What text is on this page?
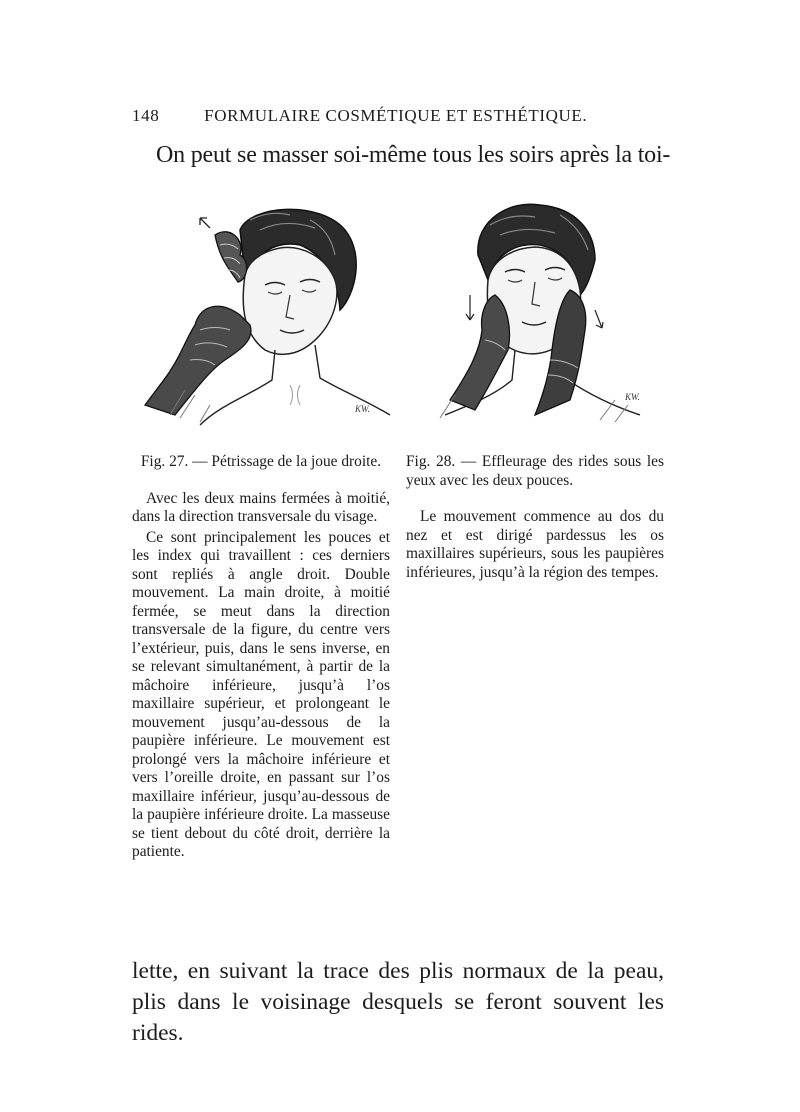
148	FORMULAIRE COSMÉTIQUE ET ESTHÉTIQUE.
On peut se masser soi-même tous les soirs après la toi-
KW.
KW.

Fig. 27. — Pétrissage de la joue droite.

Avec les deux mains fermées à moitié, dans la direction transversale du visage.

Ce sont principalement les pouces et les index qui travaillent : ces derniers sont repliés à angle droit. Double mouvement. La main droite, à moitié fermée, se meut dans la direction transversale de la figure, du centre vers l’extérieur, puis, dans le sens inverse, en se relevant simultanément, à partir de la mâchoire inférieure, jusqu’à l’os maxillaire supérieur, et prolongeant le mouvement jusqu’au-dessous de la paupière inférieure. Le mouvement est prolongé vers la mâchoire inférieure et vers l’oreille droite, en passant sur l’os maxillaire inférieur, jusqu’au-dessous de la paupière inférieure droite. La masseuse se tient debout du côté droit, derrière la patiente.

Fig. 28. — Effleurage des rides sous les yeux avec les deux pouces.

Le mouvement commence au dos du nez et est dirigé pardessus les os maxillaires supérieurs, sous les paupières inférieures, jusqu’à la région des tempes.

lette, en suivant la trace des plis normaux de la peau, plis dans le voisinage desquels se feront souvent les rides.
